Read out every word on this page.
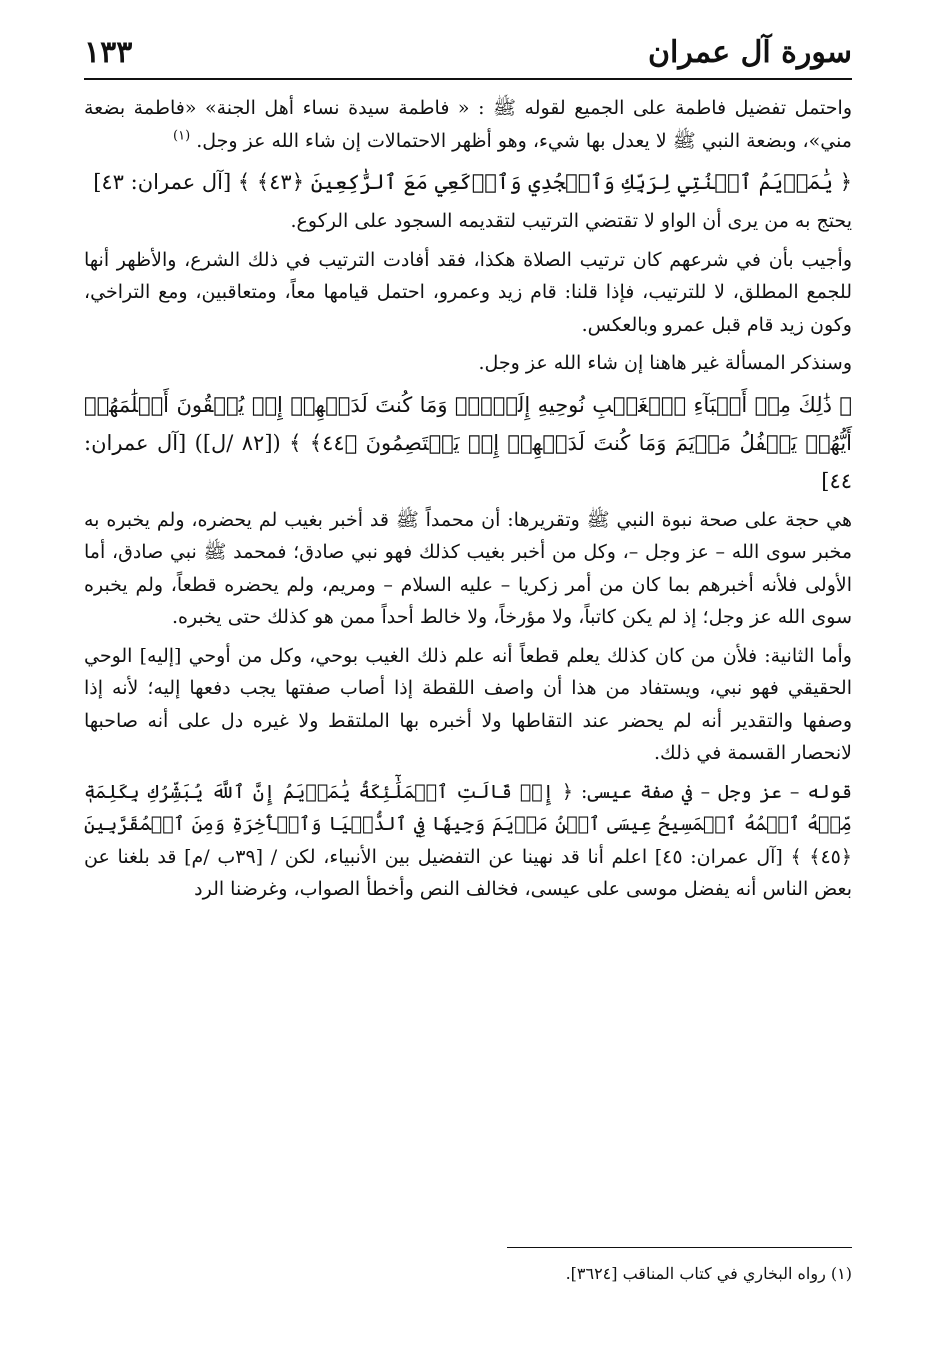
سورة آل عمران
١٣٣

واحتمل تفضيل فاطمة على الجميع لقوله ﷺ : « فاطمة سيدة نساء أهل الجنة» «فاطمة بضعة مني»، وبضعة النبي ﷺ لا يعدل بها شيء، وهو أظهر الاحتمالات إن شاء الله عز وجل. $^{(١)}$

﴿ يَٰمَرۡيَمُ ٱقۡنُتِي لِرَبِّكِ وَٱسۡجُدِي وَٱرۡكَعِي مَعَ ٱلرَّٰكِعِينَ ﴿٤٣﴾ ﴾ [آل عمران: ٤٣]

يحتج به من يرى أن الواو لا تقتضي الترتيب لتقديمه السجود على الركوع.

وأجيب بأن في شرعهم كان ترتيب الصلاة هكذا، فقد أفادت الترتيب في ذلك الشرع، والأظهر أنها للجمع المطلق، لا للترتيب، فإذا قلنا: قام زيد وعمرو، احتمل قيامها معاً، ومتعاقبين، ومع التراخي، وكون زيد قام قبل عمرو وبالعكس.

وسنذكر المسألة غير هاهنا إن شاء الله عز وجل.

﴿ ذَٰلِكَ مِنۡ أَنۢبَآءِ ٱلۡغَيۡبِ نُوحِيهِ إِلَيۡكَۚ وَمَا كُنتَ لَدَيۡهِمۡ إِذۡ يُلۡقُونَ أَقۡلَٰمَهُمۡ أَيُّهُمۡ يَكۡفُلُ مَرۡيَمَ وَمَا كُنتَ لَدَيۡهِمۡ إِذۡ يَخۡتَصِمُونَ ﴿٤٤﴾ ﴾ ([٨٢ /ل]) [آل عمران: ٤٤]

هي حجة على صحة نبوة النبي ﷺ وتقريرها: أن محمداً ﷺ قد أخبر بغيب لم يحضره، ولم يخبره به مخبر سوى الله – عز وجل –، وكل من أخبر بغيب كذلك فهو نبي صادق؛ فمحمد ﷺ نبي صادق، أما الأولى فلأنه أخبرهم بما كان من أمر زكريا – عليه السلام – ومريم، ولم يحضره قطعاً، ولم يخبره سوى الله عز وجل؛ إذ لم يكن كاتباً، ولا مؤرخاً، ولا خالط أحداً ممن هو كذلك حتى يخبره.

وأما الثانية: فلأن من كان كذلك يعلم قطعاً أنه علم ذلك الغيب بوحي، وكل من أوحي [إليه] الوحي الحقيقي فهو نبي، ويستفاد من هذا أن واصف اللقطة إذا أصاب صفتها يجب دفعها إليه؛ لأنه إذا وصفها والتقدير أنه لم يحضر عند التقاطها ولا أخبره بها الملتقط ولا غيره دل على أنه صاحبها لانحصار القسمة في ذلك.

قوله – عز وجل – في صفة عيسى: ﴿ إِذۡ قَالَتِ ٱلۡمَلَٰٓئِكَةُ يَٰمَرۡيَمُ إِنَّ ٱللَّهَ يُبَشِّرُكِ بِكَلِمَةٖ مِّنۡهُ ٱسۡمُهُ ٱلۡمَسِيحُ عِيسَى ٱبۡنُ مَرۡيَمَ وَجِيهٗا فِي ٱلدُّنۡيَا وَٱلۡأٓخِرَةِ وَمِنَ ٱلۡمُقَرَّبِينَ ﴿٤٥﴾ ﴾ [آل عمران: ٤٥] اعلم أنا قد نهينا عن التفضيل بين الأنبياء، لكن / [٣٩ب /م] قد بلغنا عن بعض الناس أنه يفضل موسى على عيسى، فخالف النص وأخطأ الصواب، وغرضنا الرد

(١) رواه البخاري في كتاب المناقب [٣٦٢٤].
